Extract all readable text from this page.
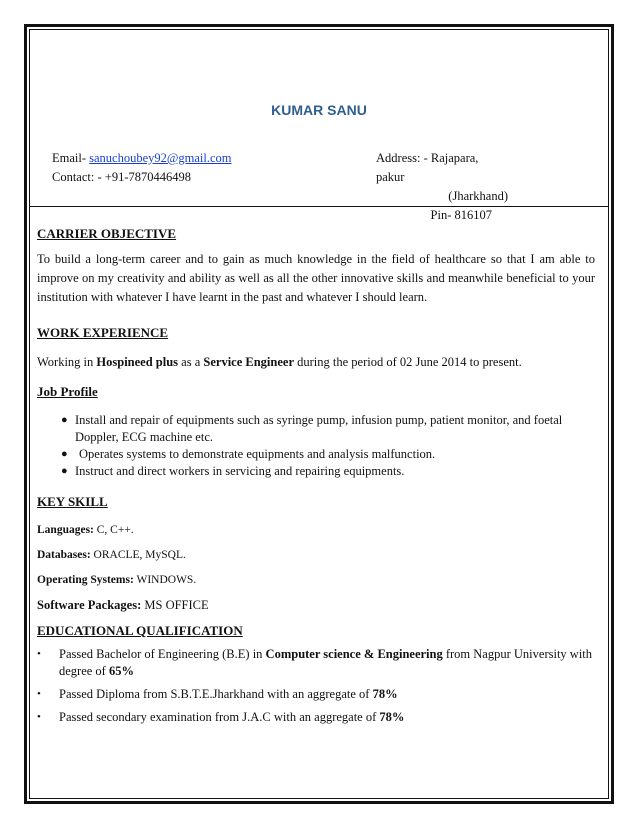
KUMAR SANU
Email- sanuchoubey92@gmail.com
Contact: - +91-7870446498
Address: - Rajapara, pakur
(Jharkhand)
Pin- 816107

CARRIER OBJECTIVE

To build a long-term career and to gain as much knowledge in the field of healthcare so that I am able to improve on my creativity and ability as well as all the other innovative skills and meanwhile beneficial to your institution with whatever I have learnt in the past and whatever I should learn.

WORK EXPERIENCE

Working in Hospineed plus as a Service Engineer during the period of 02 June 2014 to present.

Job Profile

● Install and repair of equipments such as syringe pump, infusion pump, patient monitor, and foetal Doppler, ECG machine etc.
● Operates systems to demonstrate equipments and analysis malfunction.
● Instruct and direct workers in servicing and repairing equipments.

KEY SKILL

Languages: C, C++.
Databases: ORACLE, MySQL.
Operating Systems: WINDOWS.
Software Packages: MS OFFICE

EDUCATIONAL QUALIFICATION

• Passed Bachelor of Engineering (B.E) in Computer science & Engineering from Nagpur University with degree of 65%
• Passed Diploma from S.B.T.E.Jharkhand with an aggregate of 78%
• Passed secondary examination from J.A.C with an aggregate of 78%
